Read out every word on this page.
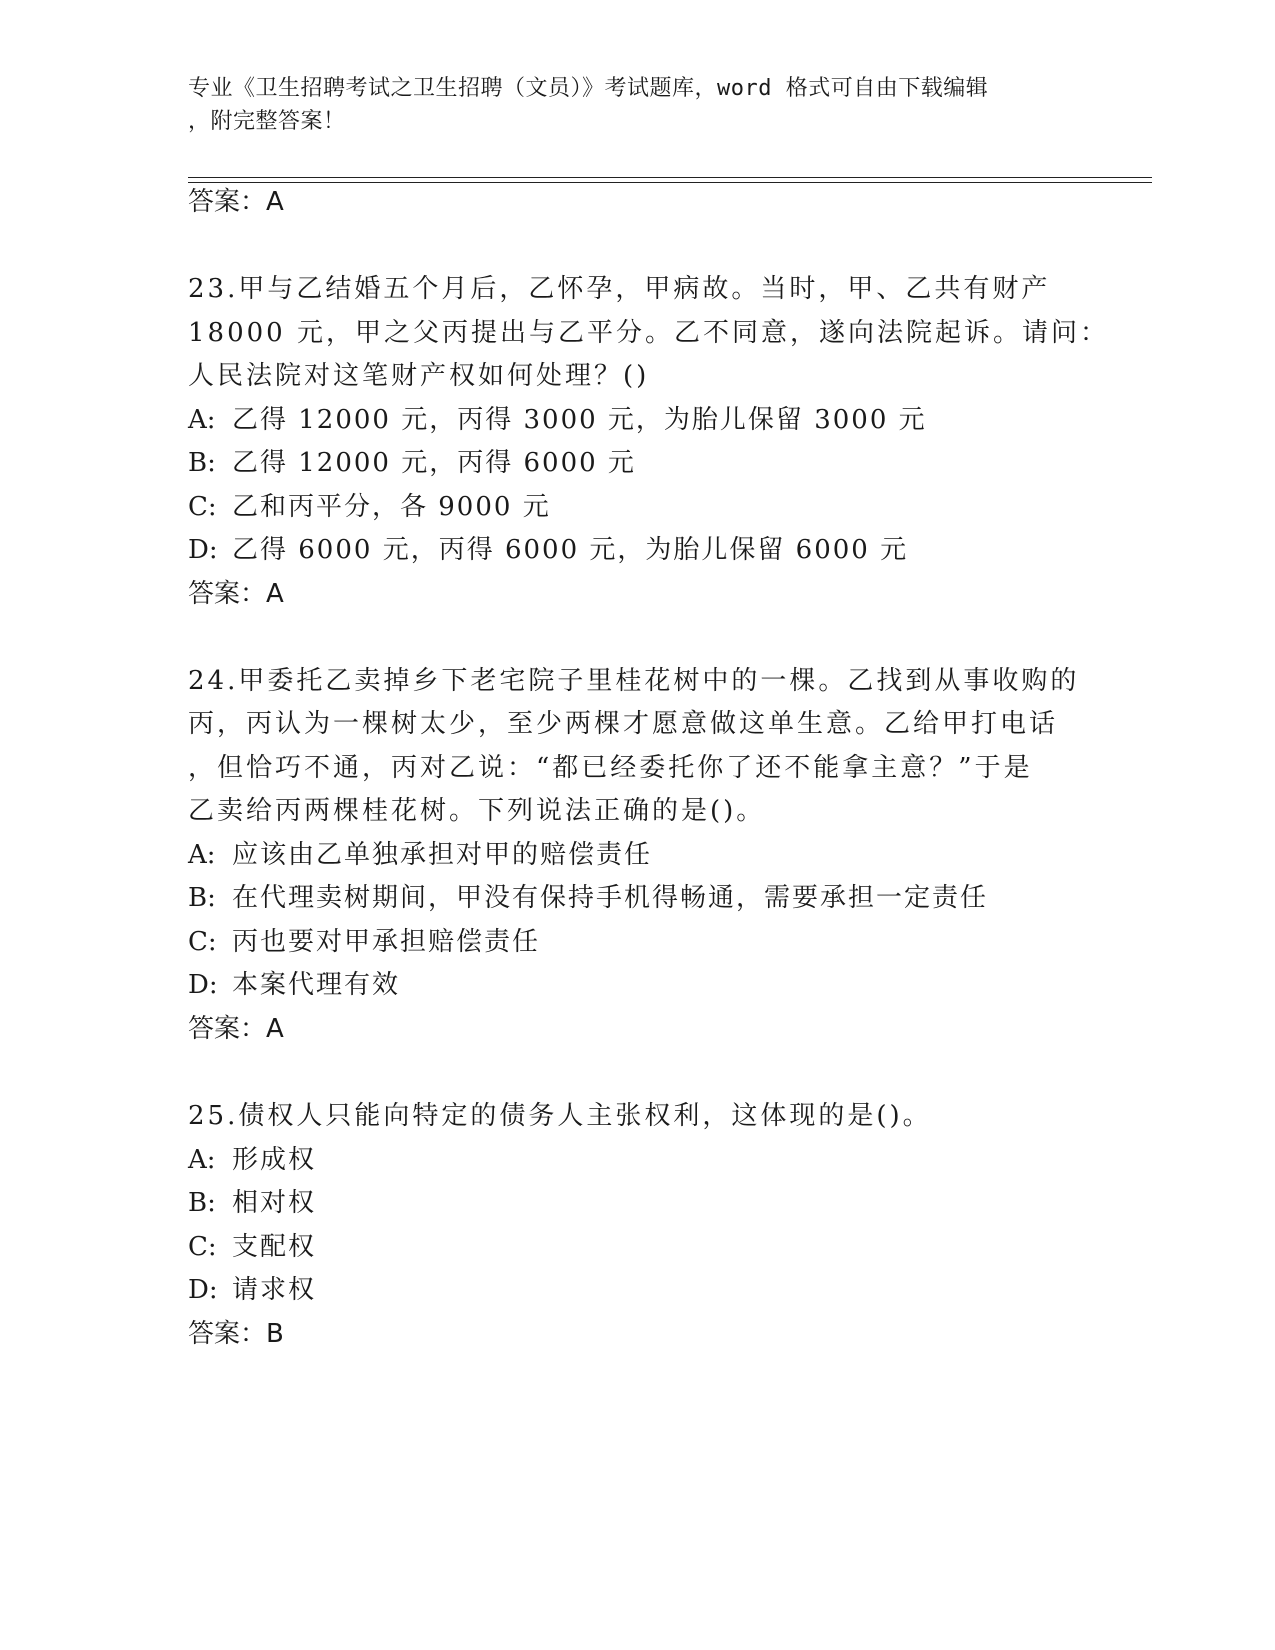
专业《卫生招聘考试之卫生招聘（文员）》考试题库，word 格式可自由下载编辑
，附完整答案！
答案：A
23.甲与乙结婚五个月后，乙怀孕，甲病故。当时，甲、乙共有财产
18000 元，甲之父丙提出与乙平分。乙不同意，遂向法院起诉。请问：
人民法院对这笔财产权如何处理？()
A: 乙得 12000 元，丙得 3000 元，为胎儿保留 3000 元
B: 乙得 12000 元，丙得 6000 元
C: 乙和丙平分，各 9000 元
D: 乙得 6000 元，丙得 6000 元，为胎儿保留 6000 元
答案：A
24.甲委托乙卖掉乡下老宅院子里桂花树中的一棵。乙找到从事收购的
丙，丙认为一棵树太少，至少两棵才愿意做这单生意。乙给甲打电话
，但恰巧不通，丙对乙说：“都已经委托你了还不能拿主意？”于是
乙卖给丙两棵桂花树。下列说法正确的是()。
A: 应该由乙单独承担对甲的赔偿责任
B: 在代理卖树期间，甲没有保持手机得畅通，需要承担一定责任
C: 丙也要对甲承担赔偿责任
D: 本案代理有效
答案：A
25.债权人只能向特定的债务人主张权利，这体现的是()。
A: 形成权
B: 相对权
C: 支配权
D: 请求权
答案：B
